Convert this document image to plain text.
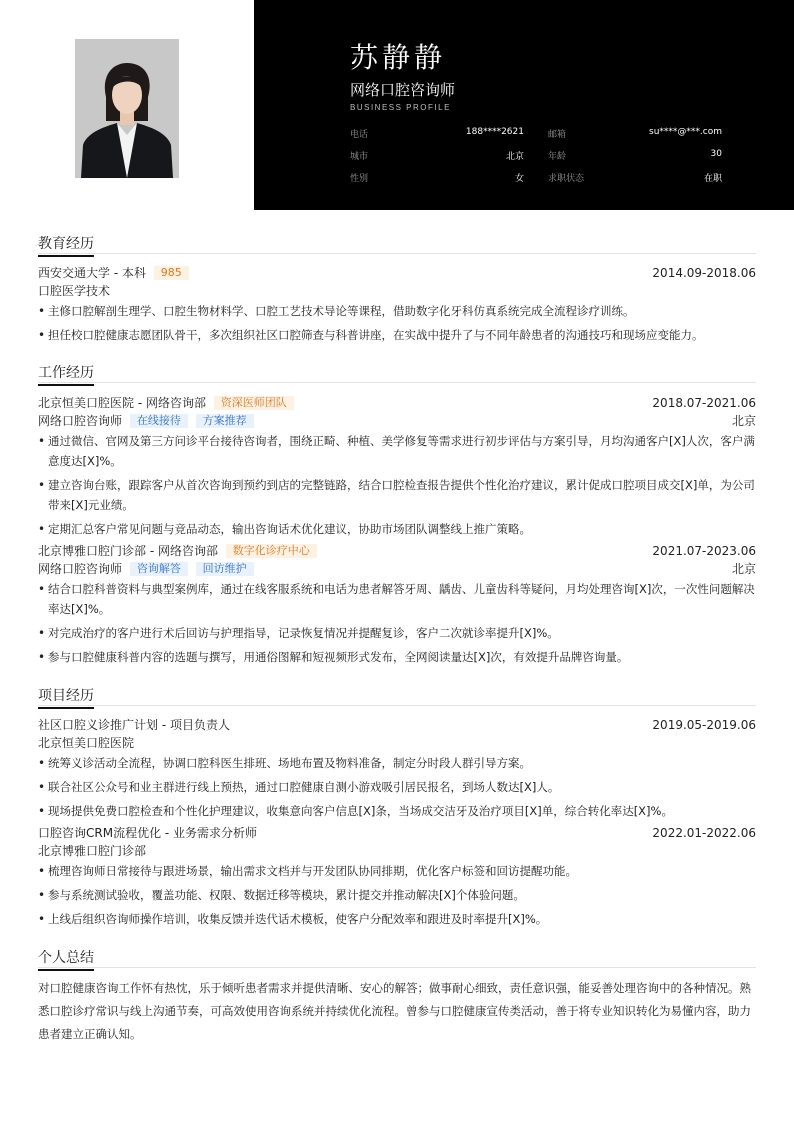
苏静静
网络口腔咨询师
BUSINESS PROFILE
电话	188****2621	邮箱	su****@***.com
城市	北京	年龄	30
性别	女	求职状态	在职
教育经历
西安交通大学 - 本科 985	2014.09-2018.06
口腔医学技术
• 主修口腔解剖生理学、口腔生物材料学、口腔工艺技术导论等课程，借助数字化牙科仿真系统完成全流程诊疗训练。
• 担任校口腔健康志愿团队骨干，多次组织社区口腔筛查与科普讲座，在实战中提升了与不同年龄患者的沟通技巧和现场应变能力。
工作经历
北京恒美口腔医院 - 网络咨询部 资深医师团队	2018.07-2021.06
网络口腔咨询师 在线接待 方案推荐	北京
• 通过微信、官网及第三方问诊平台接待咨询者，围绕正畸、种植、美学修复等需求进行初步评估与方案引导，月均沟通客户[X]人次，客户满意度达[X]%。
• 建立咨询台账，跟踪客户从首次咨询到预约到店的完整链路，结合口腔检查报告提供个性化治疗建议，累计促成口腔项目成交[X]单，为公司带来[X]元业绩。
• 定期汇总客户常见问题与竞品动态，输出咨询话术优化建议，协助市场团队调整线上推广策略。
北京博雅口腔门诊部 - 网络咨询部 数字化诊疗中心	2021.07-2023.06
网络口腔咨询师 咨询解答 回访维护	北京
• 结合口腔科普资料与典型案例库，通过在线客服系统和电话为患者解答牙周、龋齿、儿童齿科等疑问，月均处理咨询[X]次，一次性问题解决率达[X]%。
• 对完成治疗的客户进行术后回访与护理指导，记录恢复情况并提醒复诊，客户二次就诊率提升[X]%。
• 参与口腔健康科普内容的选题与撰写，用通俗图解和短视频形式发布，全网阅读量达[X]次，有效提升品牌咨询量。
项目经历
社区口腔义诊推广计划 - 项目负责人	2019.05-2019.06
北京恒美口腔医院
• 统筹义诊活动全流程，协调口腔科医生排班、场地布置及物料准备，制定分时段人群引导方案。
• 联合社区公众号和业主群进行线上预热，通过口腔健康自测小游戏吸引居民报名，到场人数达[X]人。
• 现场提供免费口腔检查和个性化护理建议，收集意向客户信息[X]条，当场成交洁牙及治疗项目[X]单，综合转化率达[X]%。
口腔咨询CRM流程优化 - 业务需求分析师	2022.01-2022.06
北京博雅口腔门诊部
• 梳理咨询师日常接待与跟进场景，输出需求文档并与开发团队协同排期，优化客户标签和回访提醒功能。
• 参与系统测试验收，覆盖功能、权限、数据迁移等模块，累计提交并推动解决[X]个体验问题。
• 上线后组织咨询师操作培训，收集反馈并迭代话术模板，使客户分配效率和跟进及时率提升[X]%。
个人总结

对口腔健康咨询工作怀有热忱，乐于倾听患者需求并提供清晰、安心的解答；做事耐心细致，责任意识强，能妥善处理咨询中的各种情况。熟悉口腔诊疗常识与线上沟通节奏，可高效使用咨询系统并持续优化流程。曾参与口腔健康宣传类活动，善于将专业知识转化为易懂内容，助力患者建立正确认知。
